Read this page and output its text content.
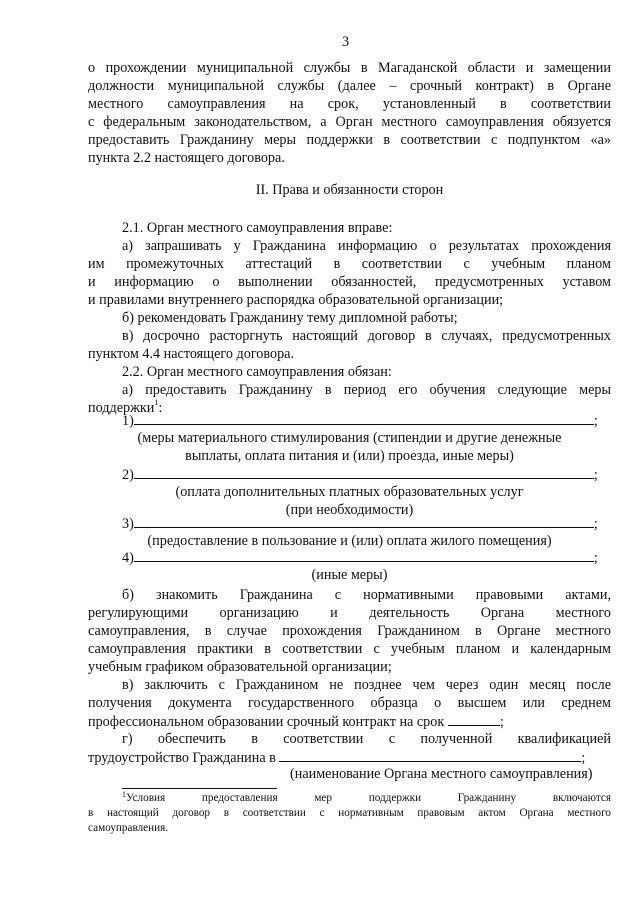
3
о прохождении муниципальной службы в Магаданской области и замещении
должности муниципальной службы (далее – срочный контракт) в Органе
местного самоуправления на срок, установленный в соответствии
с федеральным законодательством, а Орган местного самоуправления обязуется
предоставить Гражданину меры поддержки в соответствии с подпунктом «а»
пункта 2.2 настоящего договора.
II. Права и обязанности сторон
2.1. Орган местного самоуправления вправе:
а) запрашивать у Гражданина информацию о результатах прохождения
им промежуточных аттестаций в соответствии с учебным планом
и информацию о выполнении обязанностей, предусмотренных уставом
и правилами внутреннего распорядка образовательной организации;
б) рекомендовать Гражданину тему дипломной работы;
в) досрочно расторгнуть настоящий договор в случаях, предусмотренных
пунктом 4.4 настоящего договора.
2.2. Орган местного самоуправления обязан:
а) предоставить Гражданину в период его обучения следующие меры
поддержки$^1$:
1)	;
(меры материального стимулирования (стипендии и другие денежные
выплаты, оплата питания и (или) проезда, иные меры)
2)	;
(оплата дополнительных платных образовательных услуг
(при необходимости)
3)	;
(предоставление в пользование и (или) оплата жилого помещения)
4)	;
(иные меры)
б) знакомить Гражданина с нормативными правовыми актами,
регулирующими организацию и деятельность Органа местного
самоуправления, в случае прохождения Гражданином в Органе местного
самоуправления практики в соответствии с учебным планом и календарным
учебным графиком образовательной организации;
в) заключить с Гражданином не позднее чем через один месяц после
получения документа государственного образца о высшем или среднем
профессиональном образовании срочный контракт на срок	;
г) обеспечить в соответствии с полученной квалификацией
трудоустройство Гражданина в	;
(наименование Органа местного самоуправления)
$^1$Условия предоставления мер поддержки Гражданину включаются
в настоящий договор в соответствии с нормативным правовым актом Органа местного
самоуправления.
